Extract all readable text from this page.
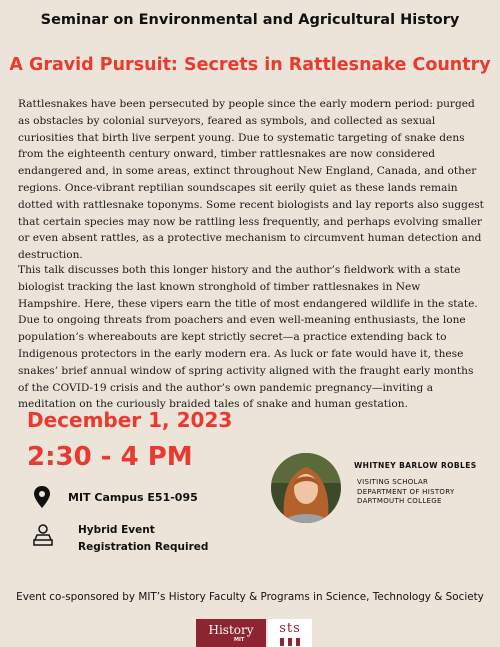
Seminar on Environmental and Agricultural History
A Gravid Pursuit: Secrets in Rattlesnake Country

Rattlesnakes have been persecuted by people since the early modern period: purged as obstacles by colonial surveyors, feared as symbols, and collected as sexual curiosities that birth live serpent young. Due to systematic targeting of snake dens from the eighteenth century onward, timber rattlesnakes are now considered endangered and, in some areas, extinct throughout New England, Canada, and other regions. Once-vibrant reptilian soundscapes sit eerily quiet as these lands remain dotted with rattlesnake toponyms. Some recent biologists and lay reports also suggest that certain species may now be rattling less frequently, and perhaps evolving smaller or even absent rattles, as a protective mechanism to circumvent human detection and destruction.

This talk discusses both this longer history and the author’s fieldwork with a state biologist tracking the last known stronghold of timber rattlesnakes in New Hampshire. Here, these vipers earn the title of most endangered wildlife in the state. Due to ongoing threats from poachers and even well-meaning enthusiasts, the lone population’s whereabouts are kept strictly secret—a practice extending back to Indigenous protectors in the early modern era. As luck or fate would have it, these snakes’ brief annual window of spring activity aligned with the fraught early months of the COVID-19 crisis and the author’s own pandemic pregnancy—inviting a meditation on the curiously braided tales of snake and human gestation.

December 1, 2023
2:30 - 4 PM
MIT Campus E51-095
Hybrid Event
Registration Required
WHITNEY BARLOW ROBLES
VISITING SCHOLAR
DEPARTMENT OF HISTORY
DARTMOUTH COLLEGE
Event co-sponsored by MIT’s History Faculty & Programs in Science, Technology & Society
History
MIT
sts
